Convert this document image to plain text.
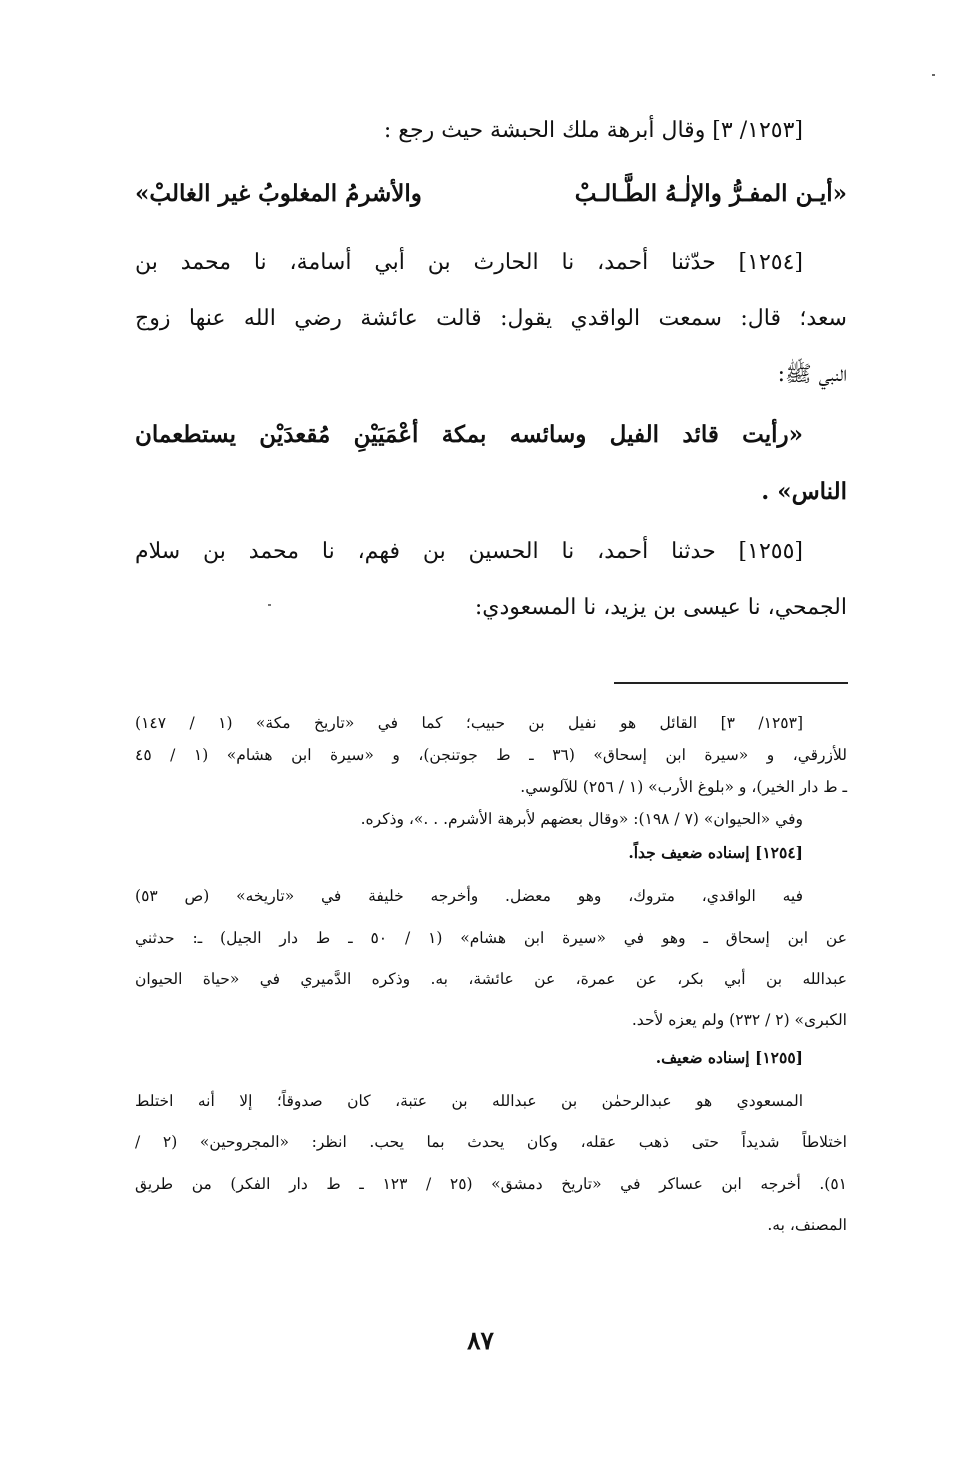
[١٢٥٣/ ٣] وقال أبرهة ملك الحبشة حيث رجع :
«أيـن المفـرُّ والإلٰـهُ الطَّـالـبْ
والأشرمُ المغلوبُ غير الغالبْ»
[١٢٥٤] حدّثنا أحمد، نا الحارث بن أبي أسامة، نا محمد بن
سعد؛ قال: سمعت الواقدي يقول: قالت عائشة رضي الله عنها زوج
النبي ﷺ:
«رأيت قائد الفيل وسائسه بمكة أعْمَيَيْنِ مُقعدَيْن يستطعمان
الناس» .
[١٢٥٥] حدثنا أحمد، نا الحسين بن فهم، نا محمد بن سلام
الجمحي، نا عيسى بن يزيد، نا المسعودي:
[١٢٥٣/ ٣] القائل هو نفيل بن حبيب؛ كما في «تاريخ مكة» (١ / ١٤٧)
للأزرقي، و «سيرة ابن إسحاق» (٣٦ ـ ط جوتنجن)، و «سيرة ابن هشام» (١ / ٤٥
ـ ط دار الخير)، و «بلوغ الأرب» (١ / ٢٥٦) للآلوسي.
وفي «الحيوان» (٧ / ١٩٨): «وقال بعضهم لأبرهة الأشرم. . .»، وذكره.
[١٢٥٤] إسناده ضعيف جداً.
فيه الواقدي، متروك، وهو معضل. وأخرجه خليفة في «تاريخه» (ص ٥٣)
عن ابن إسحاق ـ وهو في «سيرة ابن هشام» (١ / ٥٠ ـ ط دار الجيل) ـ: حدثني
عبدالله بن أبي بكر، عن عمرة، عن عائشة، به. وذكره الدَّميري في «حياة الحيوان
الكبرى» (٢ / ٢٣٢) ولم يعزه لأحد.
[١٢٥٥] إسناده ضعيف.
المسعودي هو عبدالرحمٰن بن عبدالله بن عتبة، كان صدوقاً؛ إلا أنه اختلط
اختلاطاً شديداً حتى ذهب عقله، وكان يحدث بما يحب. انظر: «المجروحين» (٢ /
٥١). أخرجه ابن عساكر في «تاريخ دمشق» (٢٥ / ١٢٣ ـ ط دار الفكر) من طريق
المصنف، به.
٨٧
